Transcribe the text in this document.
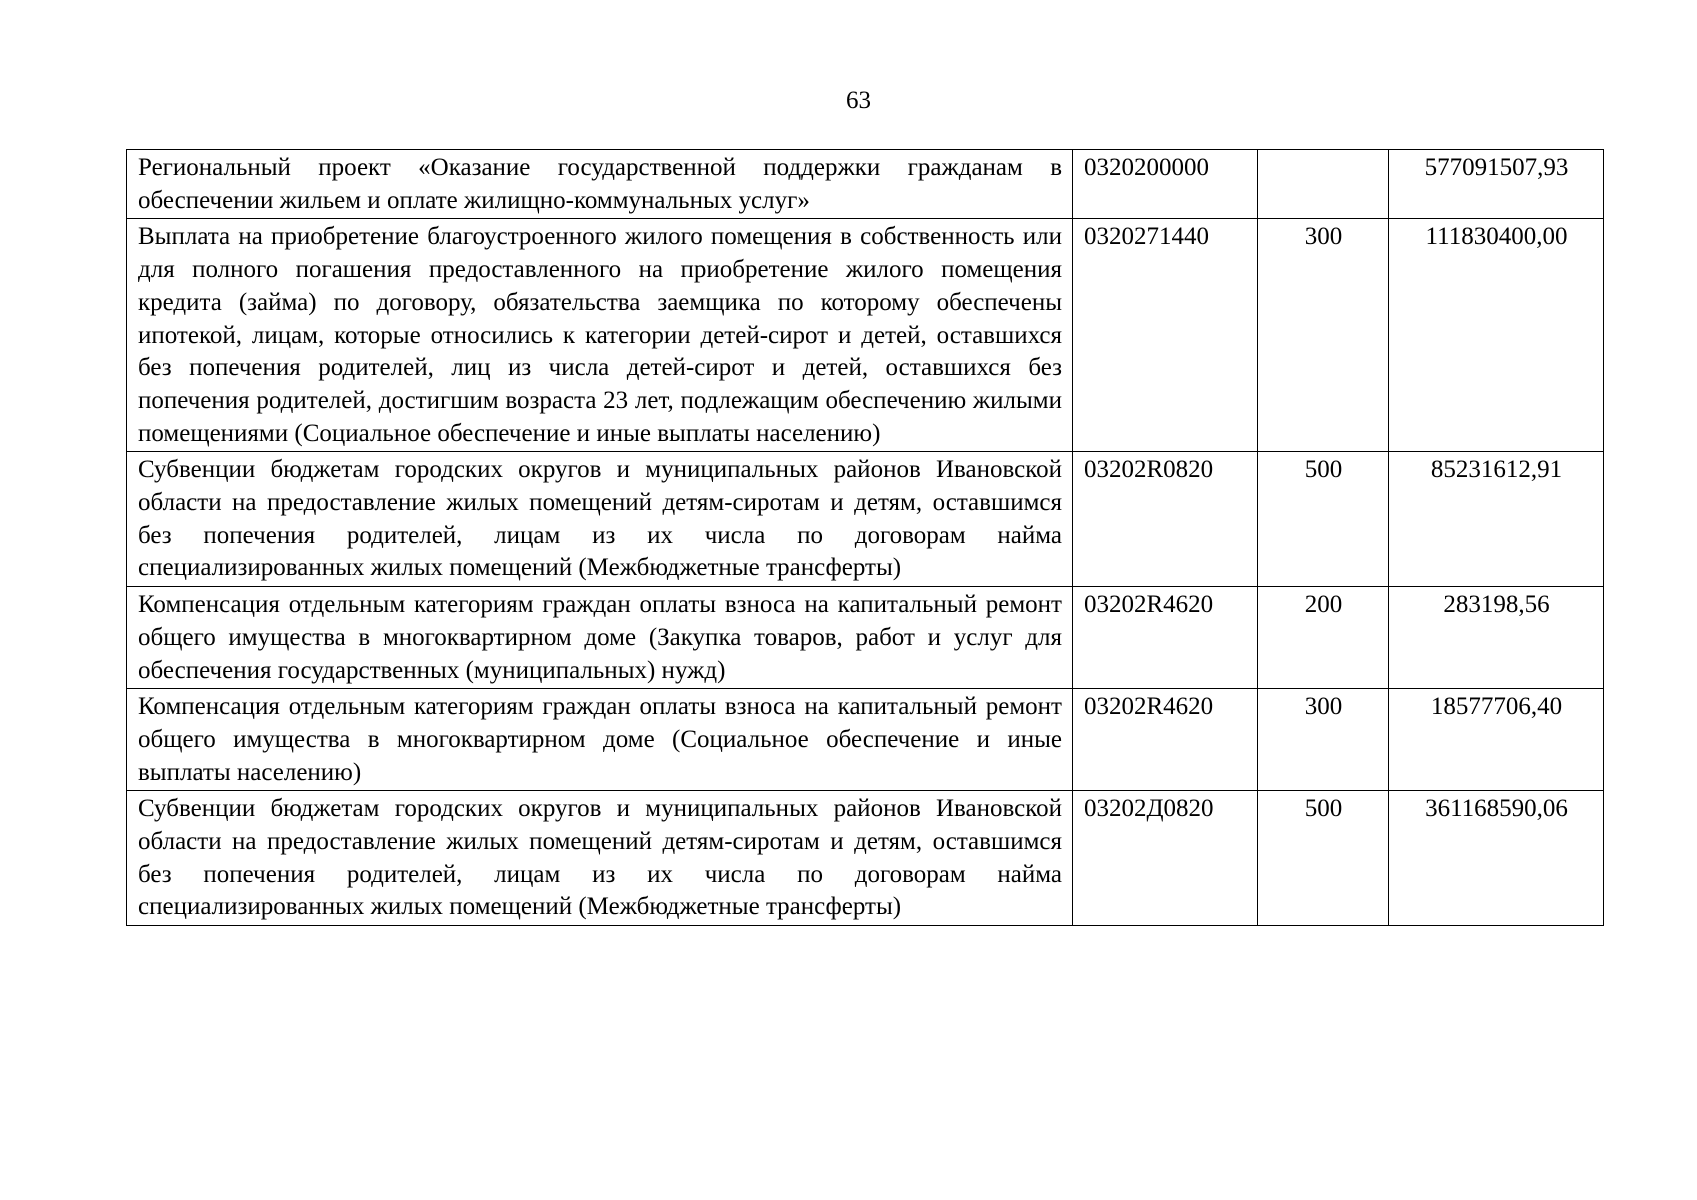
63
Региональный проект «Оказание государственной поддержки гражданам в обеспечении жильем и оплате жилищно-коммунальных услуг»	0320200000		577091507,93
Выплата на приобретение благоустроенного жилого помещения в собственность или для полного погашения предоставленного на приобретение жилого помещения кредита (займа) по договору, обязательства заемщика по которому обеспечены ипотекой, лицам, которые относились к категории детей-сирот и детей, оставшихся без попечения родителей, лиц из числа детей-сирот и детей, оставшихся без попечения родителей, достигшим возраста 23 лет, подлежащим обеспечению жилыми помещениями (Социальное обеспечение и иные выплаты населению)	0320271440	300	111830400,00
Субвенции бюджетам городских округов и муниципальных районов Ивановской области на предоставление жилых помещений детям-сиротам и детям, оставшимся без попечения родителей, лицам из их числа по договорам найма специализированных жилых помещений (Межбюджетные трансферты)	03202R0820	500	85231612,91
Компенсация отдельным категориям граждан оплаты взноса на капитальный ремонт общего имущества в многоквартирном доме (Закупка товаров, работ и услуг для обеспечения государственных (муниципальных) нужд)	03202R4620	200	283198,56
Компенсация отдельным категориям граждан оплаты взноса на капитальный ремонт общего имущества в многоквартирном доме (Социальное обеспечение и иные выплаты населению)	03202R4620	300	18577706,40
Субвенции бюджетам городских округов и муниципальных районов Ивановской области на предоставление жилых помещений детям-сиротам и детям, оставшимся без попечения родителей, лицам из их числа по договорам найма специализированных жилых помещений (Межбюджетные трансферты)	03202Д0820	500	361168590,06
